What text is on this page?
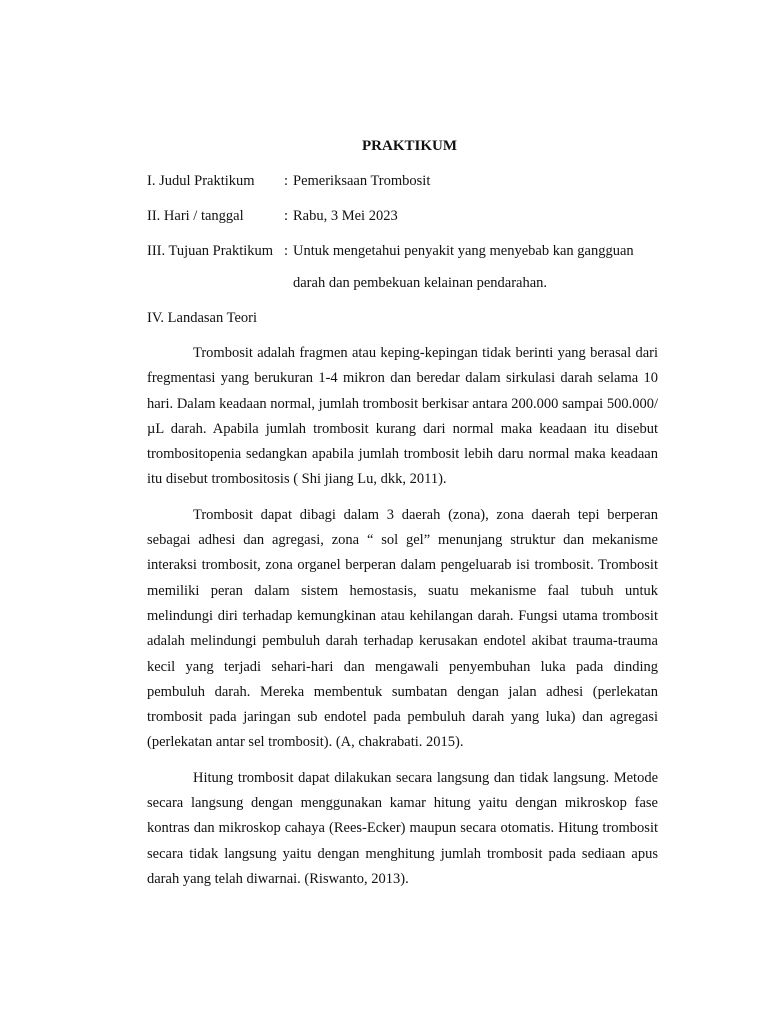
PRAKTIKUM
I. Judul Praktikum	: Pemeriksaan Trombosit
II. Hari / tanggal	: Rabu, 3 Mei 2023
III. Tujuan Praktikum : Untuk mengetahui penyakit yang menyebab kan gangguan
darah dan pembekuan kelainan pendarahan.
IV. Landasan Teori

Trombosit adalah fragmen atau keping-kepingan tidak berinti yang berasal dari fregmentasi yang berukuran 1-4 mikron dan beredar dalam sirkulasi darah selama 10 hari. Dalam keadaan normal, jumlah trombosit berkisar antara 200.000 sampai 500.000/ µL darah. Apabila jumlah trombosit kurang dari normal maka keadaan itu disebut trombositopenia sedangkan apabila jumlah trombosit lebih daru normal maka keadaan itu disebut trombositosis ( Shi jiang Lu, dkk, 2011).

Trombosit dapat dibagi dalam 3 daerah (zona), zona daerah tepi berperan sebagai adhesi dan agregasi, zona “ sol gel” menunjang struktur dan mekanisme interaksi trombosit, zona organel berperan dalam pengeluarab isi trombosit. Trombosit memiliki peran dalam sistem hemostasis, suatu mekanisme faal tubuh untuk melindungi diri terhadap kemungkinan atau kehilangan darah. Fungsi utama trombosit adalah melindungi pembuluh darah terhadap kerusakan endotel akibat trauma-trauma kecil yang terjadi sehari-hari dan mengawali penyembuhan luka pada dinding pembuluh darah. Mereka membentuk sumbatan dengan jalan adhesi (perlekatan trombosit pada jaringan sub endotel pada pembuluh darah yang luka) dan agregasi (perlekatan antar sel trombosit). (A, chakrabati. 2015).

Hitung trombosit dapat dilakukan secara langsung dan tidak langsung. Metode secara langsung dengan menggunakan kamar hitung yaitu dengan mikroskop fase kontras dan mikroskop cahaya (Rees-Ecker) maupun secara otomatis. Hitung trombosit secara tidak langsung yaitu dengan menghitung jumlah trombosit pada sediaan apus darah yang telah diwarnai. (Riswanto, 2013).
